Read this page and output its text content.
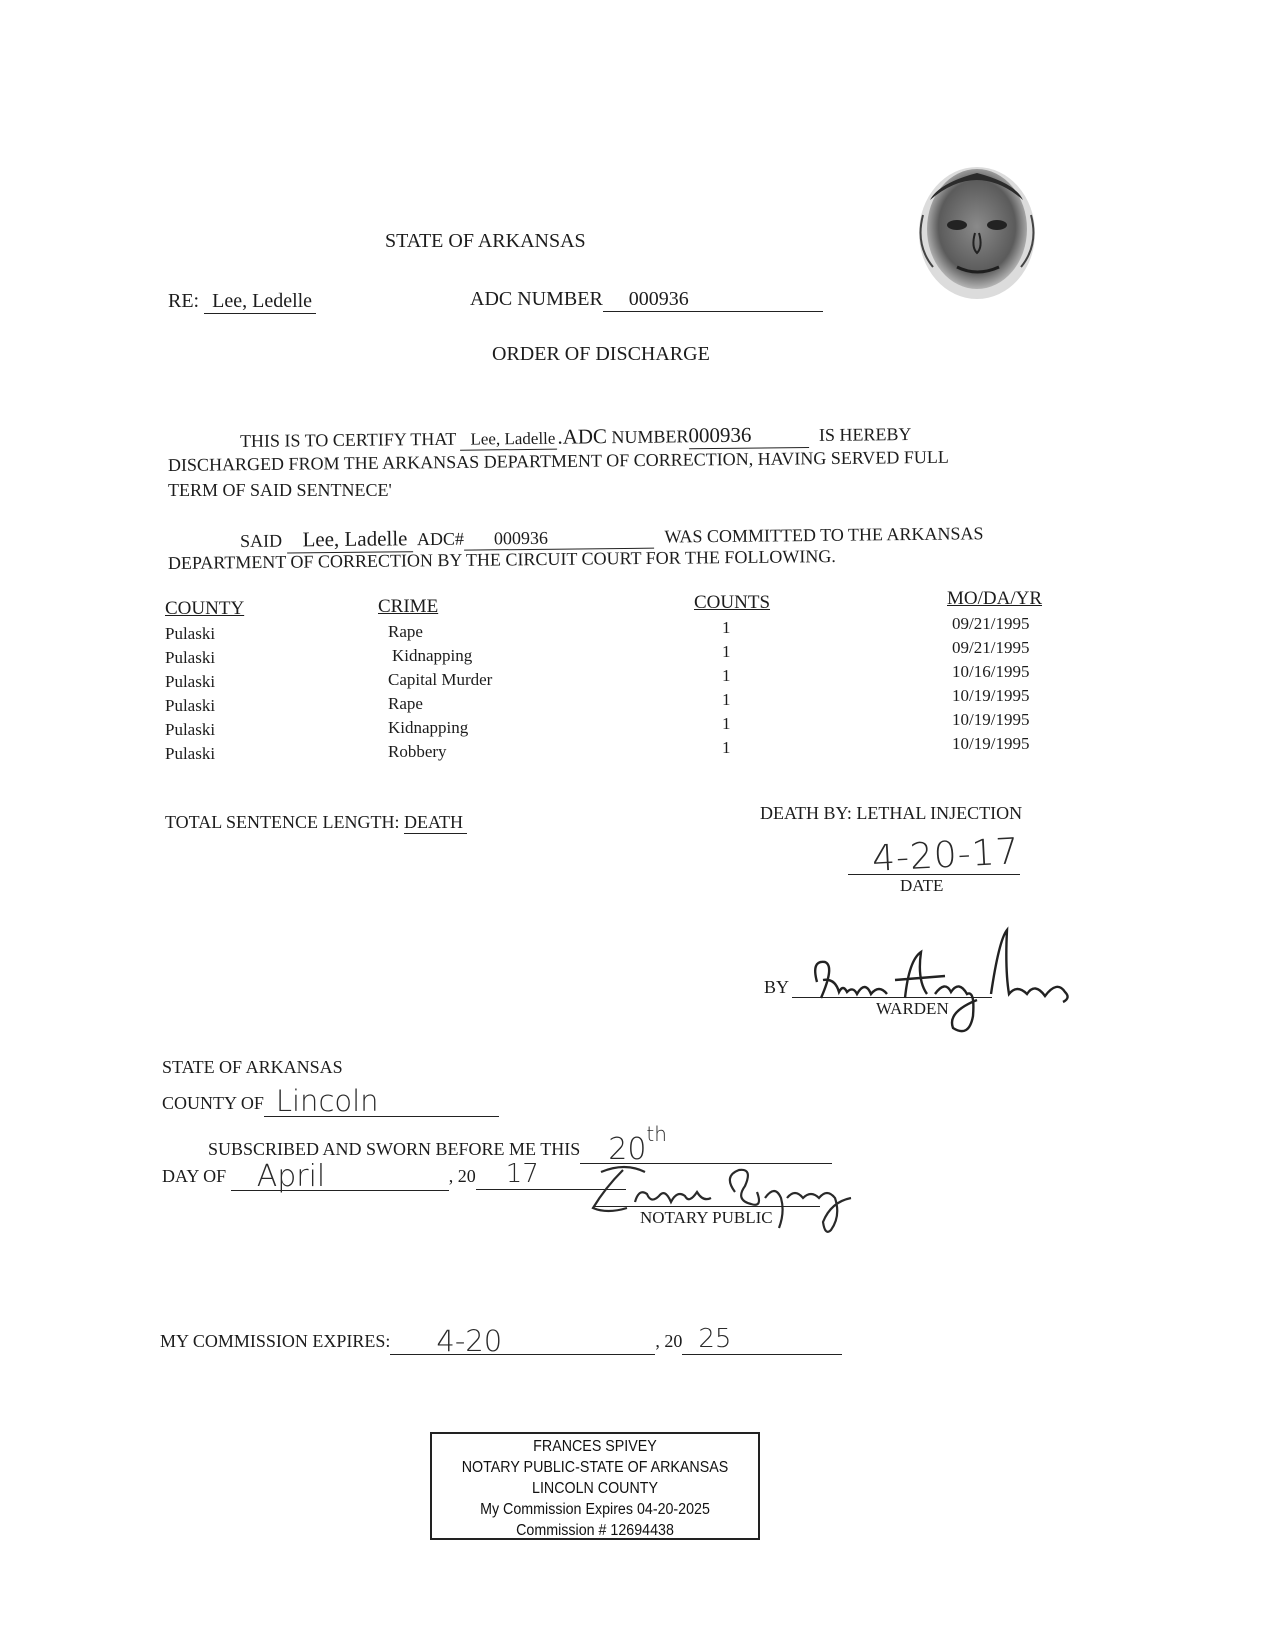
STATE OF ARKANSAS
RE: Lee, Ledelle	ADC NUMBER 000936
ORDER OF DISCHARGE
THIS IS TO CERTIFY THAT Lee, Ladelle.ADC NUMBER000936	IS HEREBY
DISCHARGED FROM THE ARKANSAS DEPARTMENT OF CORRECTION, HAVING SERVED FULL
TERM OF SAID SENTNECE'
SAID Lee, Ladelle ADC# 000936	WAS COMMITTED TO THE ARKANSAS
DEPARTMENT OF CORRECTION BY THE CIRCUIT COURT FOR THE FOLLOWING.
COUNTY	CRIME	COUNTS	MO/DA/YR
Pulaski	Rape	1	09/21/1995
Pulaski	Kidnapping	1	09/21/1995
Pulaski	Capital Murder	1	10/16/1995
Pulaski	Rape	1	10/19/1995
Pulaski	Kidnapping	1	10/19/1995
Pulaski	Robbery	1	10/19/1995
TOTAL SENTENCE LENGTH: DEATH	DEATH BY: LETHAL INJECTION
4-20-17
DATE
BY
WARDEN
STATE OF ARKANSAS
COUNTY OF Lincoln
SUBSCRIBED AND SWORN BEFORE ME THIS 20th
DAY OF April	, 20 17
NOTARY PUBLIC
MY COMMISSION EXPIRES: 4-20	, 20 25
FRANCES SPIVEY
NOTARY PUBLIC-STATE OF ARKANSAS
LINCOLN COUNTY
My Commission Expires 04-20-2025
Commission # 12694438
